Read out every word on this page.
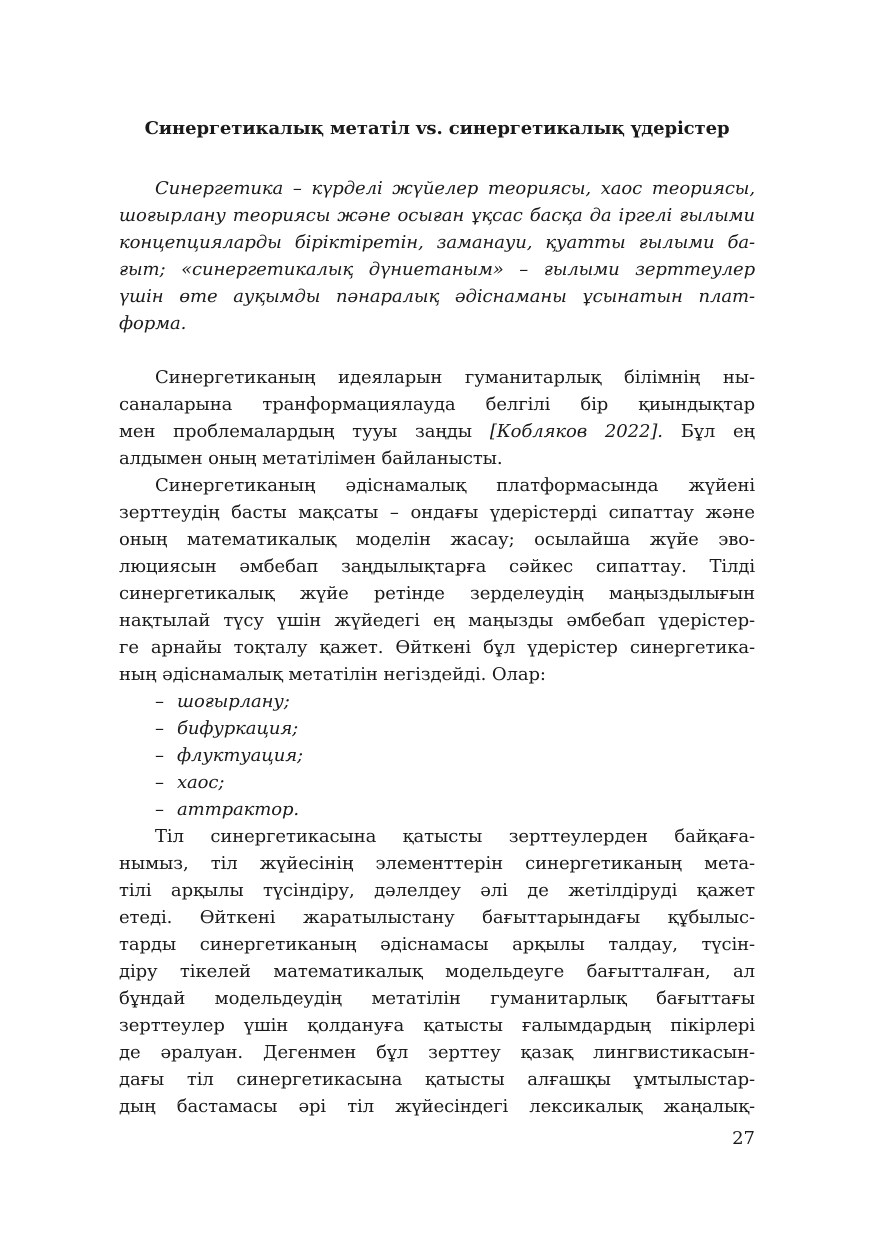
Синергетикалық метатіл vs. синергетикалық үдерістер
Синергетика – күрделі жүйелер теориясы, хаос теориясы,
шоғырлану теориясы және осыған ұқсас басқа да іргелі ғылыми
концепцияларды біріктіретін, заманауи, қуатты ғылыми ба-
ғыт; «синергетикалық дүниетаным» – ғылыми зерттеулер
үшін өте ауқымды пәнаралық әдіснаманы ұсынатын плат-
форма.
Синергетиканың идеяларын гуманитарлық білімнің ны-
саналарына транформациялауда белгілі бір қиындықтар
мен проблемалардың тууы заңды [Кобляков 2022]. Бұл ең
алдымен оның метатілімен байланысты.
Синергетиканың әдіснамалық платформасында жүйені
зерттеудің басты мақсаты – ондағы үдерістерді сипаттау және
оның математикалық моделін жасау; осылайша жүйе эво-
люциясын әмбебап заңдылықтарға сәйкес сипаттау. Тілді
синергетикалық жүйе ретінде зерделеудің маңыздылығын
нақтылай түсу үшін жүйедегі ең маңызды әмбебап үдерістер-
ге арнайы тоқталу қажет. Өйткені бұл үдерістер синергетика-
ның әдіснамалық метатілін негіздейді. Олар:
– шоғырлану;
– бифуркация;
– флуктуация;
– хаос;
– аттрактор.
Тіл синергетикасына қатысты зерттеулерден байқаға-
нымыз, тіл жүйесінің элементтерін синергетиканың мета-
тілі арқылы түсіндіру, дәлелдеу әлі де жетілдіруді қажет
етеді. Өйткені жаратылыстану бағыттарындағы құбылыс-
тарды синергетиканың әдіснамасы арқылы талдау, түсін-
діру тікелей математикалық модельдеуге бағытталған, ал
бұндай модельдеудің метатілін гуманитарлық бағыттағы
зерттеулер үшін қолдануға қатысты ғалымдардың пікірлері
де әралуан. Дегенмен бұл зерттеу қазақ лингвистикасын-
дағы тіл синергетикасына қатысты алғашқы ұмтылыстар-
дың бастамасы әрі тіл жүйесіндегі лексикалық жаңалық-
27
